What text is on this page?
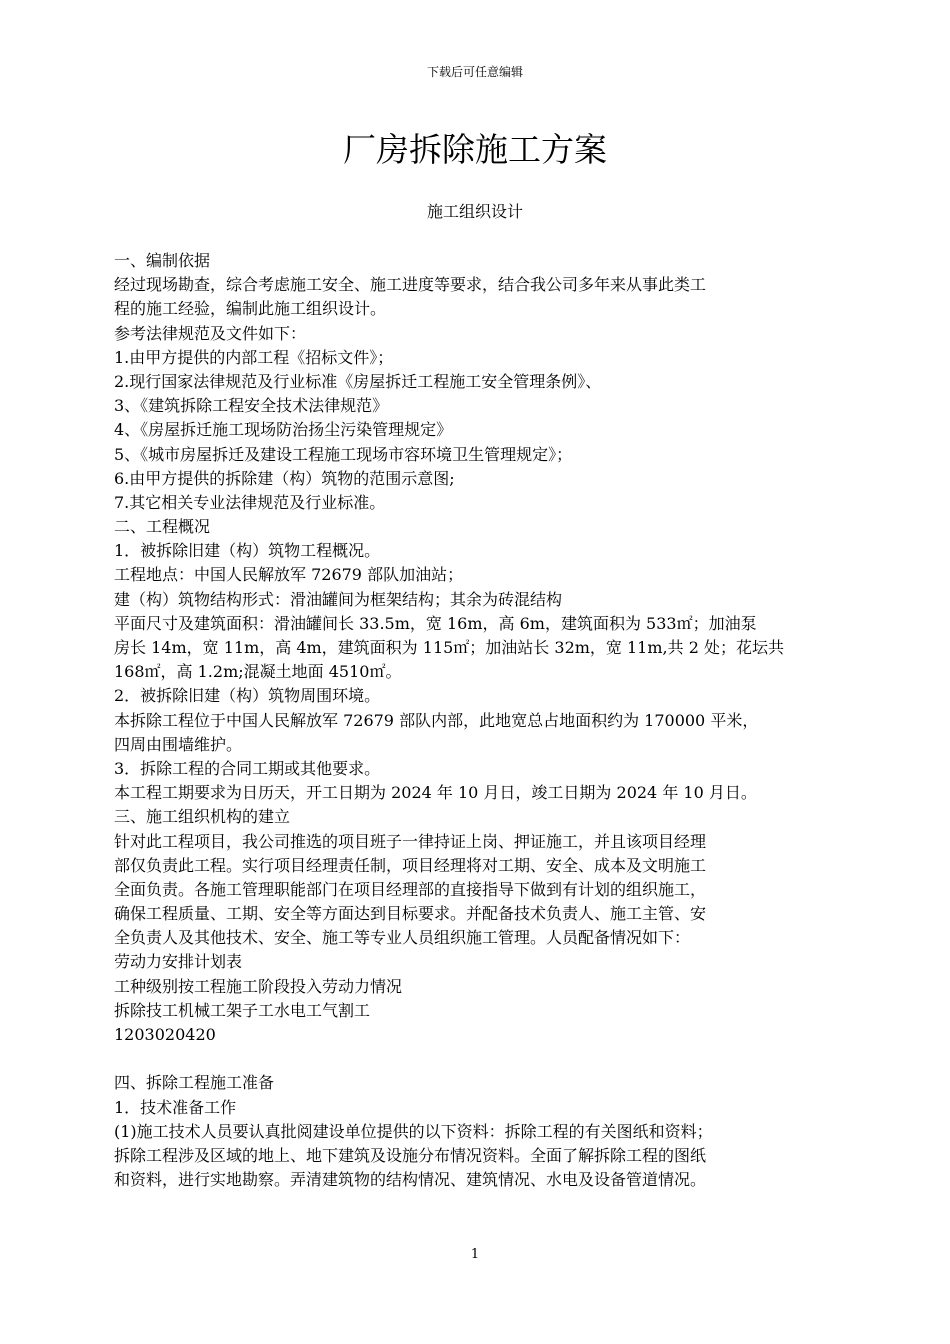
下载后可任意编辑
厂房拆除施工方案
施工组织设计
一、编制依据
经过现场勘查，综合考虑施工安全、施工进度等要求，结合我公司多年来从事此类工
程的施工经验，编制此施工组织设计。
参考法律规范及文件如下：
1.由甲方提供的内部工程《招标文件》；
2.现行国家法律规范及行业标准《房屋拆迁工程施工安全管理条例》、
3、《建筑拆除工程安全技术法律规范》
4、《房屋拆迁施工现场防治扬尘污染管理规定》
5、《城市房屋拆迁及建设工程施工现场市容环境卫生管理规定》；
6.由甲方提供的拆除建（构）筑物的范围示意图;
7.其它相关专业法律规范及行业标准。
二、工程概况
1．被拆除旧建（构）筑物工程概况。
工程地点：中国人民解放军 72679 部队加油站；
建（构）筑物结构形式：滑油罐间为框架结构；其余为砖混结构
平面尺寸及建筑面积：滑油罐间长 33.5m，宽 16m，高 6m，建筑面积为 533㎡；加油泵
房长 14m，宽 11m，高 4m，建筑面积为 115㎡；加油站长 32m，宽 11m,共 2 处；花坛共
168㎡，高 1.2m;混凝土地面 4510㎡。
2．被拆除旧建（构）筑物周围环境。
本拆除工程位于中国人民解放军 72679 部队内部，此地宽总占地面积约为 170000 平米，
四周由围墙维护。
3．拆除工程的合同工期或其他要求。
本工程工期要求为日历天，开工日期为 2024 年 10 月日，竣工日期为 2024 年 10 月日。
三、施工组织机构的建立
针对此工程项目，我公司推选的项目班子一律持证上岗、押证施工，并且该项目经理
部仅负责此工程。实行项目经理责任制，项目经理将对工期、安全、成本及文明施工
全面负责。各施工管理职能部门在项目经理部的直接指导下做到有计划的组织施工，
确保工程质量、工期、安全等方面达到目标要求。并配备技术负责人、施工主管、安
全负责人及其他技术、安全、施工等专业人员组织施工管理。人员配备情况如下：
劳动力安排计划表
工种级别按工程施工阶段投入劳动力情况
拆除技工机械工架子工水电工气割工
1203020420
四、拆除工程施工准备
1．技术准备工作
(1)施工技术人员要认真批阅建设单位提供的以下资料：拆除工程的有关图纸和资料；
拆除工程涉及区域的地上、地下建筑及设施分布情况资料。全面了解拆除工程的图纸
和资料，进行实地勘察。弄清建筑物的结构情况、建筑情况、水电及设备管道情况。
1
